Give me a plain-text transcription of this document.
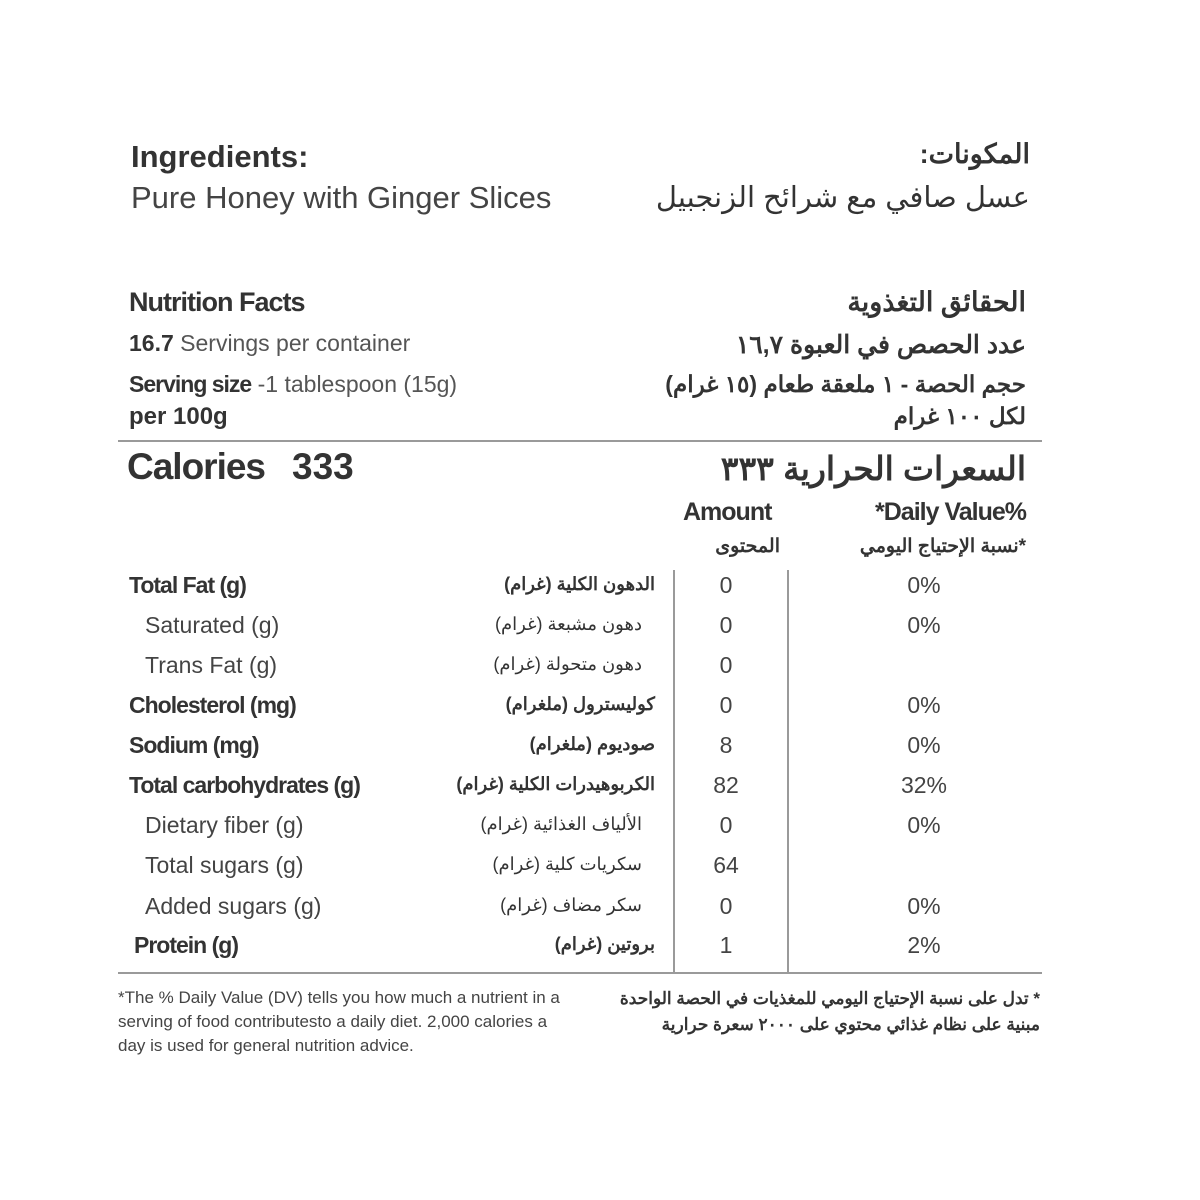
Ingredients:	المكونات:
Pure Honey with Ginger Slices	عسل صافي مع شرائح الزنجبيل
Nutrition Facts	الحقائق التغذوية
16.7 Servings per container	عدد الحصص في العبوة ١٦,٧
Serving size -1 tablespoon (15g)	حجم الحصة - ١ ملعقة طعام (١٥ غرام)
per 100g	لكل ١٠٠ غرام
Calories 333	السعرات الحرارية ٣٣٣
Amount
المحتوى
*Daily Value%
*نسبة الإحتياج اليومي
Total Fat (g)	الدهون الكلية (غرام)	0	0%
Saturated (g)	دهون مشبعة (غرام)	0	0%
Trans Fat (g)	دهون متحولة (غرام)	0
Cholesterol (mg)	كوليسترول (ملغرام)	0	0%
Sodium (mg)	صوديوم (ملغرام)	8	0%
Total carbohydrates (g)	الكربوهيدرات الكلية (غرام)	82	32%
Dietary fiber (g)	الألياف الغذائية (غرام)	0	0%
Total sugars (g)	سكريات كلية (غرام)	64
Added sugars (g)	سكر مضاف (غرام)	0	0%
Protein (g)	بروتين (غرام)	1	2%
*The % Daily Value (DV) tells you how much a nutrient in a serving of food contributesto a daily diet. 2,000 calories a day is used for general nutrition advice.
* تدل على نسبة الإحتياج اليومي للمغذيات في الحصة الواحدة مبنية على نظام غذائي محتوي على ٢٠٠٠ سعرة حرارية
